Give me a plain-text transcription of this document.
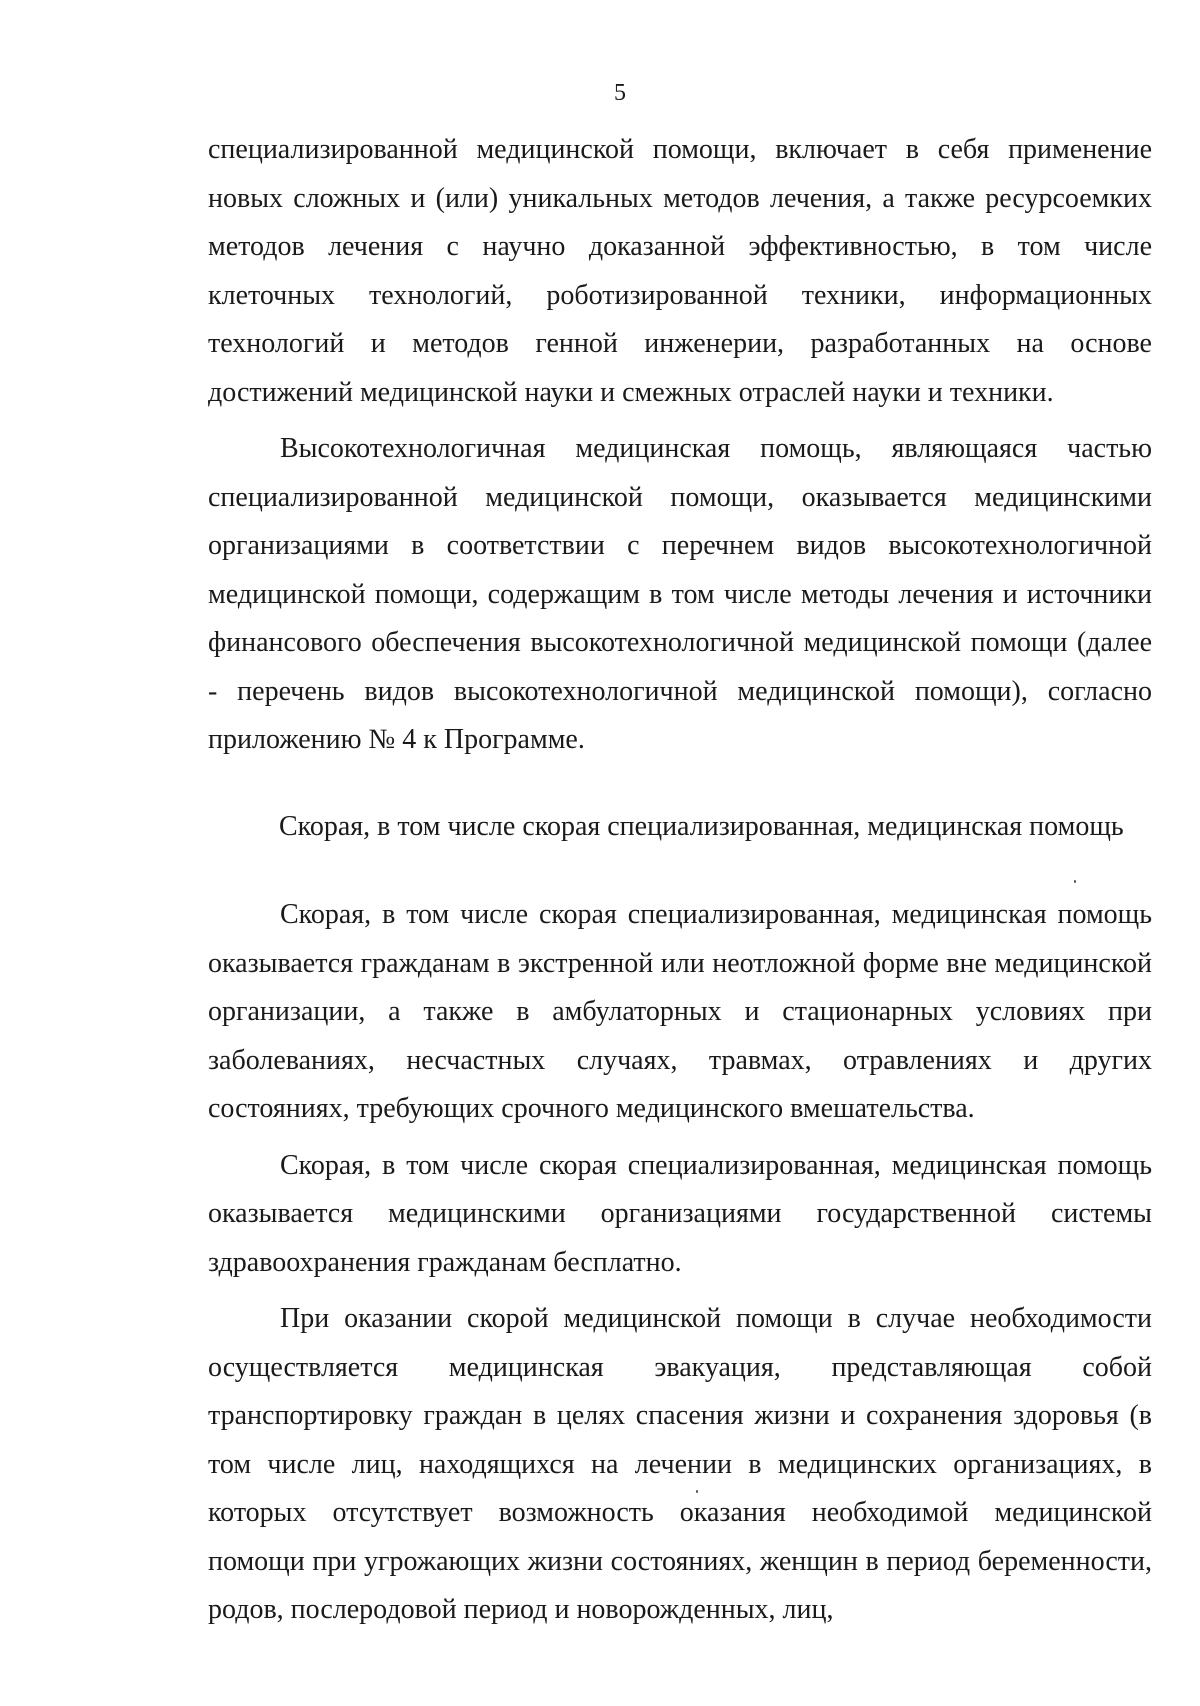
5

специализированной медицинской помощи, включает в себя применение новых сложных и (или) уникальных методов лечения, а также ресурсоемких методов лечения с научно доказанной эффективностью, в том числе клеточных технологий, роботизированной техники, информационных технологий и методов генной инженерии, разработанных на основе достижений медицинской науки и смежных отраслей науки и техники.

Высокотехнологичная медицинская помощь, являющаяся частью специализированной медицинской помощи, оказывается медицинскими организациями в соответствии с перечнем видов высокотехнологичной медицинской помощи, содержащим в том числе методы лечения и источники финансового обеспечения высокотехнологичной медицинской помощи (далее - перечень видов высокотехнологичной медицинской помощи), согласно приложению № 4 к Программе.

Скорая, в том числе скорая специализированная, медицинская помощь

Скорая, в том числе скорая специализированная, медицинская помощь оказывается гражданам в экстренной или неотложной форме вне медицинской организации, а также в амбулаторных и стационарных условиях при заболеваниях, несчастных случаях, травмах, отравлениях и других состояниях, требующих срочного медицинского вмешательства.

Скорая, в том числе скорая специализированная, медицинская помощь оказывается медицинскими организациями государственной системы здравоохранения гражданам бесплатно.

При оказании скорой медицинской помощи в случае необходимости осуществляется медицинская эвакуация, представляющая собой транспортировку граждан в целях спасения жизни и сохранения здоровья (в том числе лиц, находящихся на лечении в медицинских организациях, в которых отсутствует возможность оказания необходимой медицинской помощи при угрожающих жизни состояниях, женщин в период беременности, родов, послеродовой период и новорожденных, лиц,
